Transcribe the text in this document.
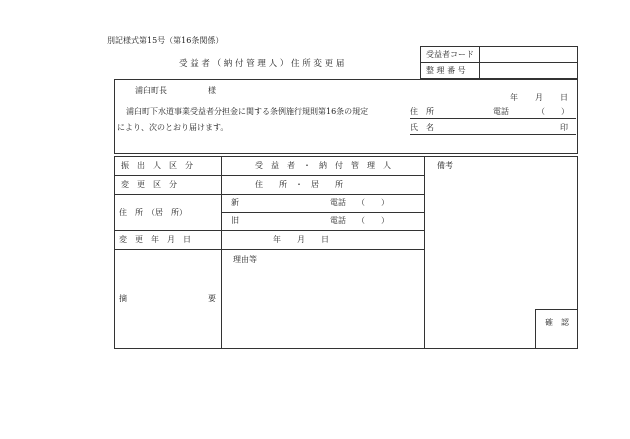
別記様式第15号（第16条関係）
受益者コード
整 理 番 号
受 益 者 （ 納 付 管 理 人 ） 住 所 変 更 届
浦臼町長	様
年 月 日
浦臼町下水道事業受益者分担金に関する条例施行規則第16条の規定
により、次のとおり届けます。
住　所	電話	（　　）
氏　名	印
振　出　人　区　分	受　益　者　・　納　付　管　理　人
変　更　区　分	住　　所　・　居　　所
住　所　（居　所）
新	電話 （　　）
旧	電話 （　　）
変　更　年　月　日	年　　月　　日
摘	要
理由等
備考
確　認
